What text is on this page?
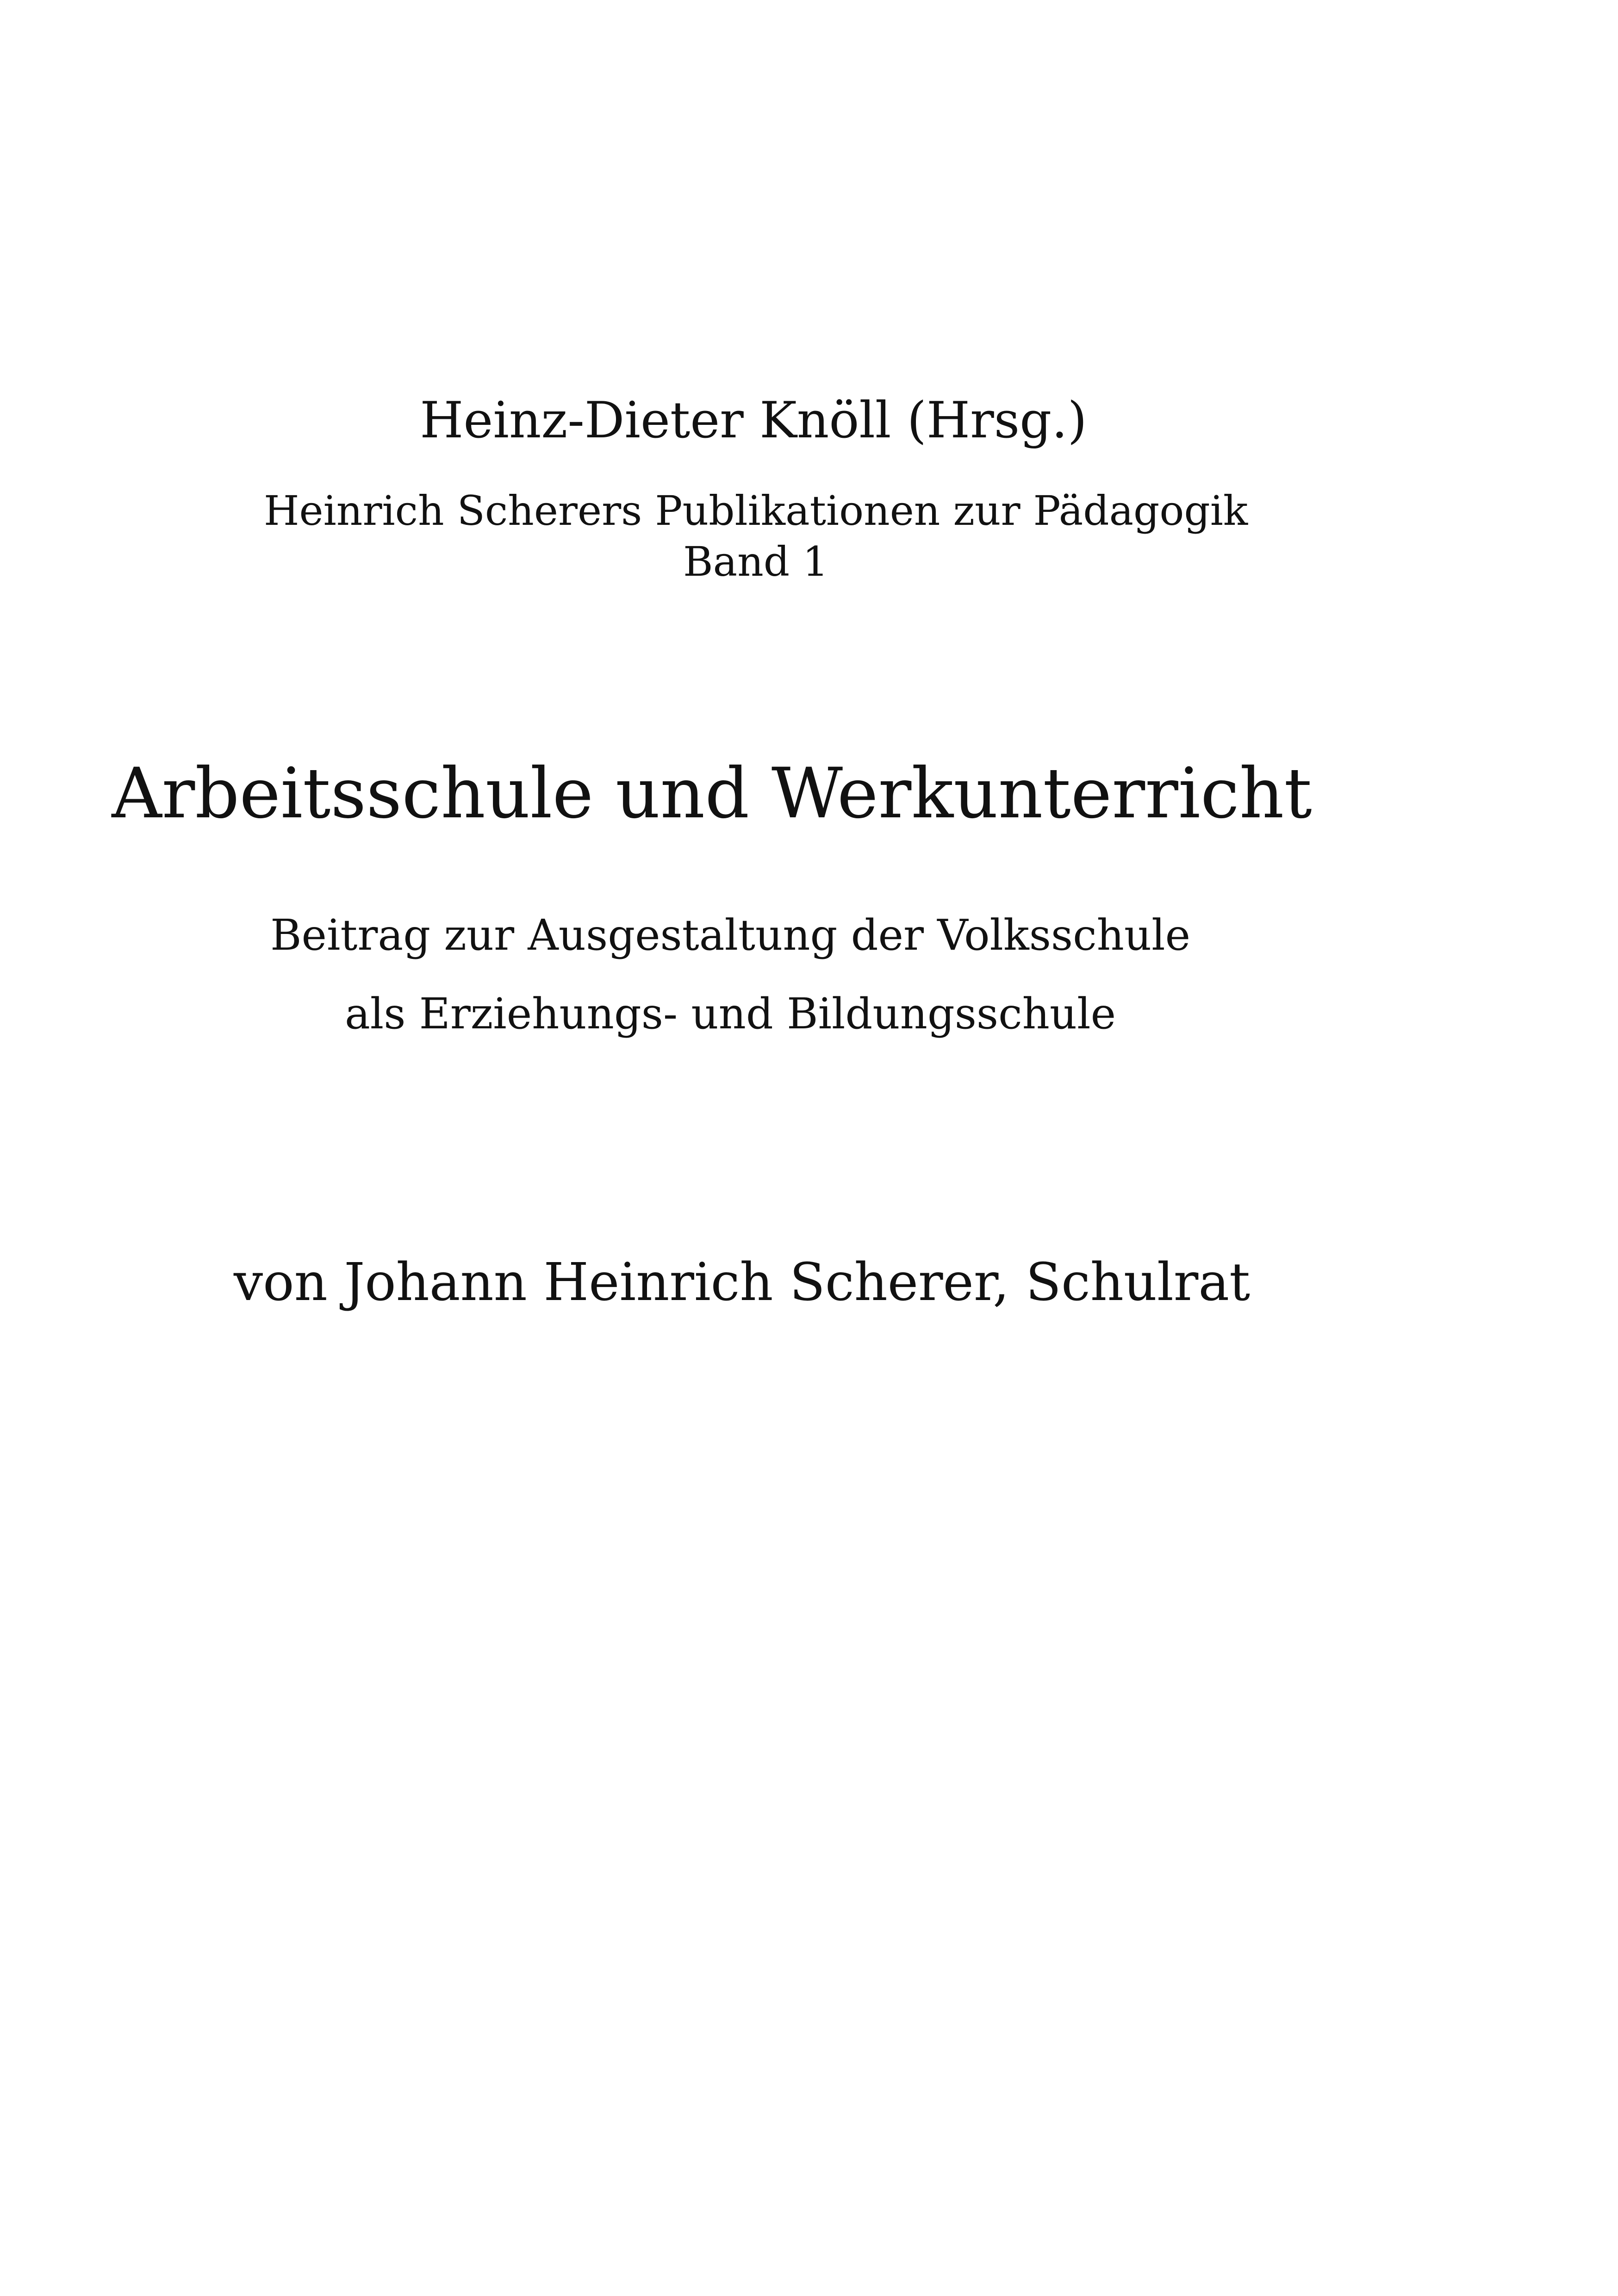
Heinz-Dieter Knöll (Hrsg.)
Heinrich Scherers Publikationen zur Pädagogik
Band 1
Arbeitsschule und Werkunterricht
Beitrag zur Ausgestaltung der Volksschule
als Erziehungs- und Bildungsschule
von Johann Heinrich Scherer, Schulrat
